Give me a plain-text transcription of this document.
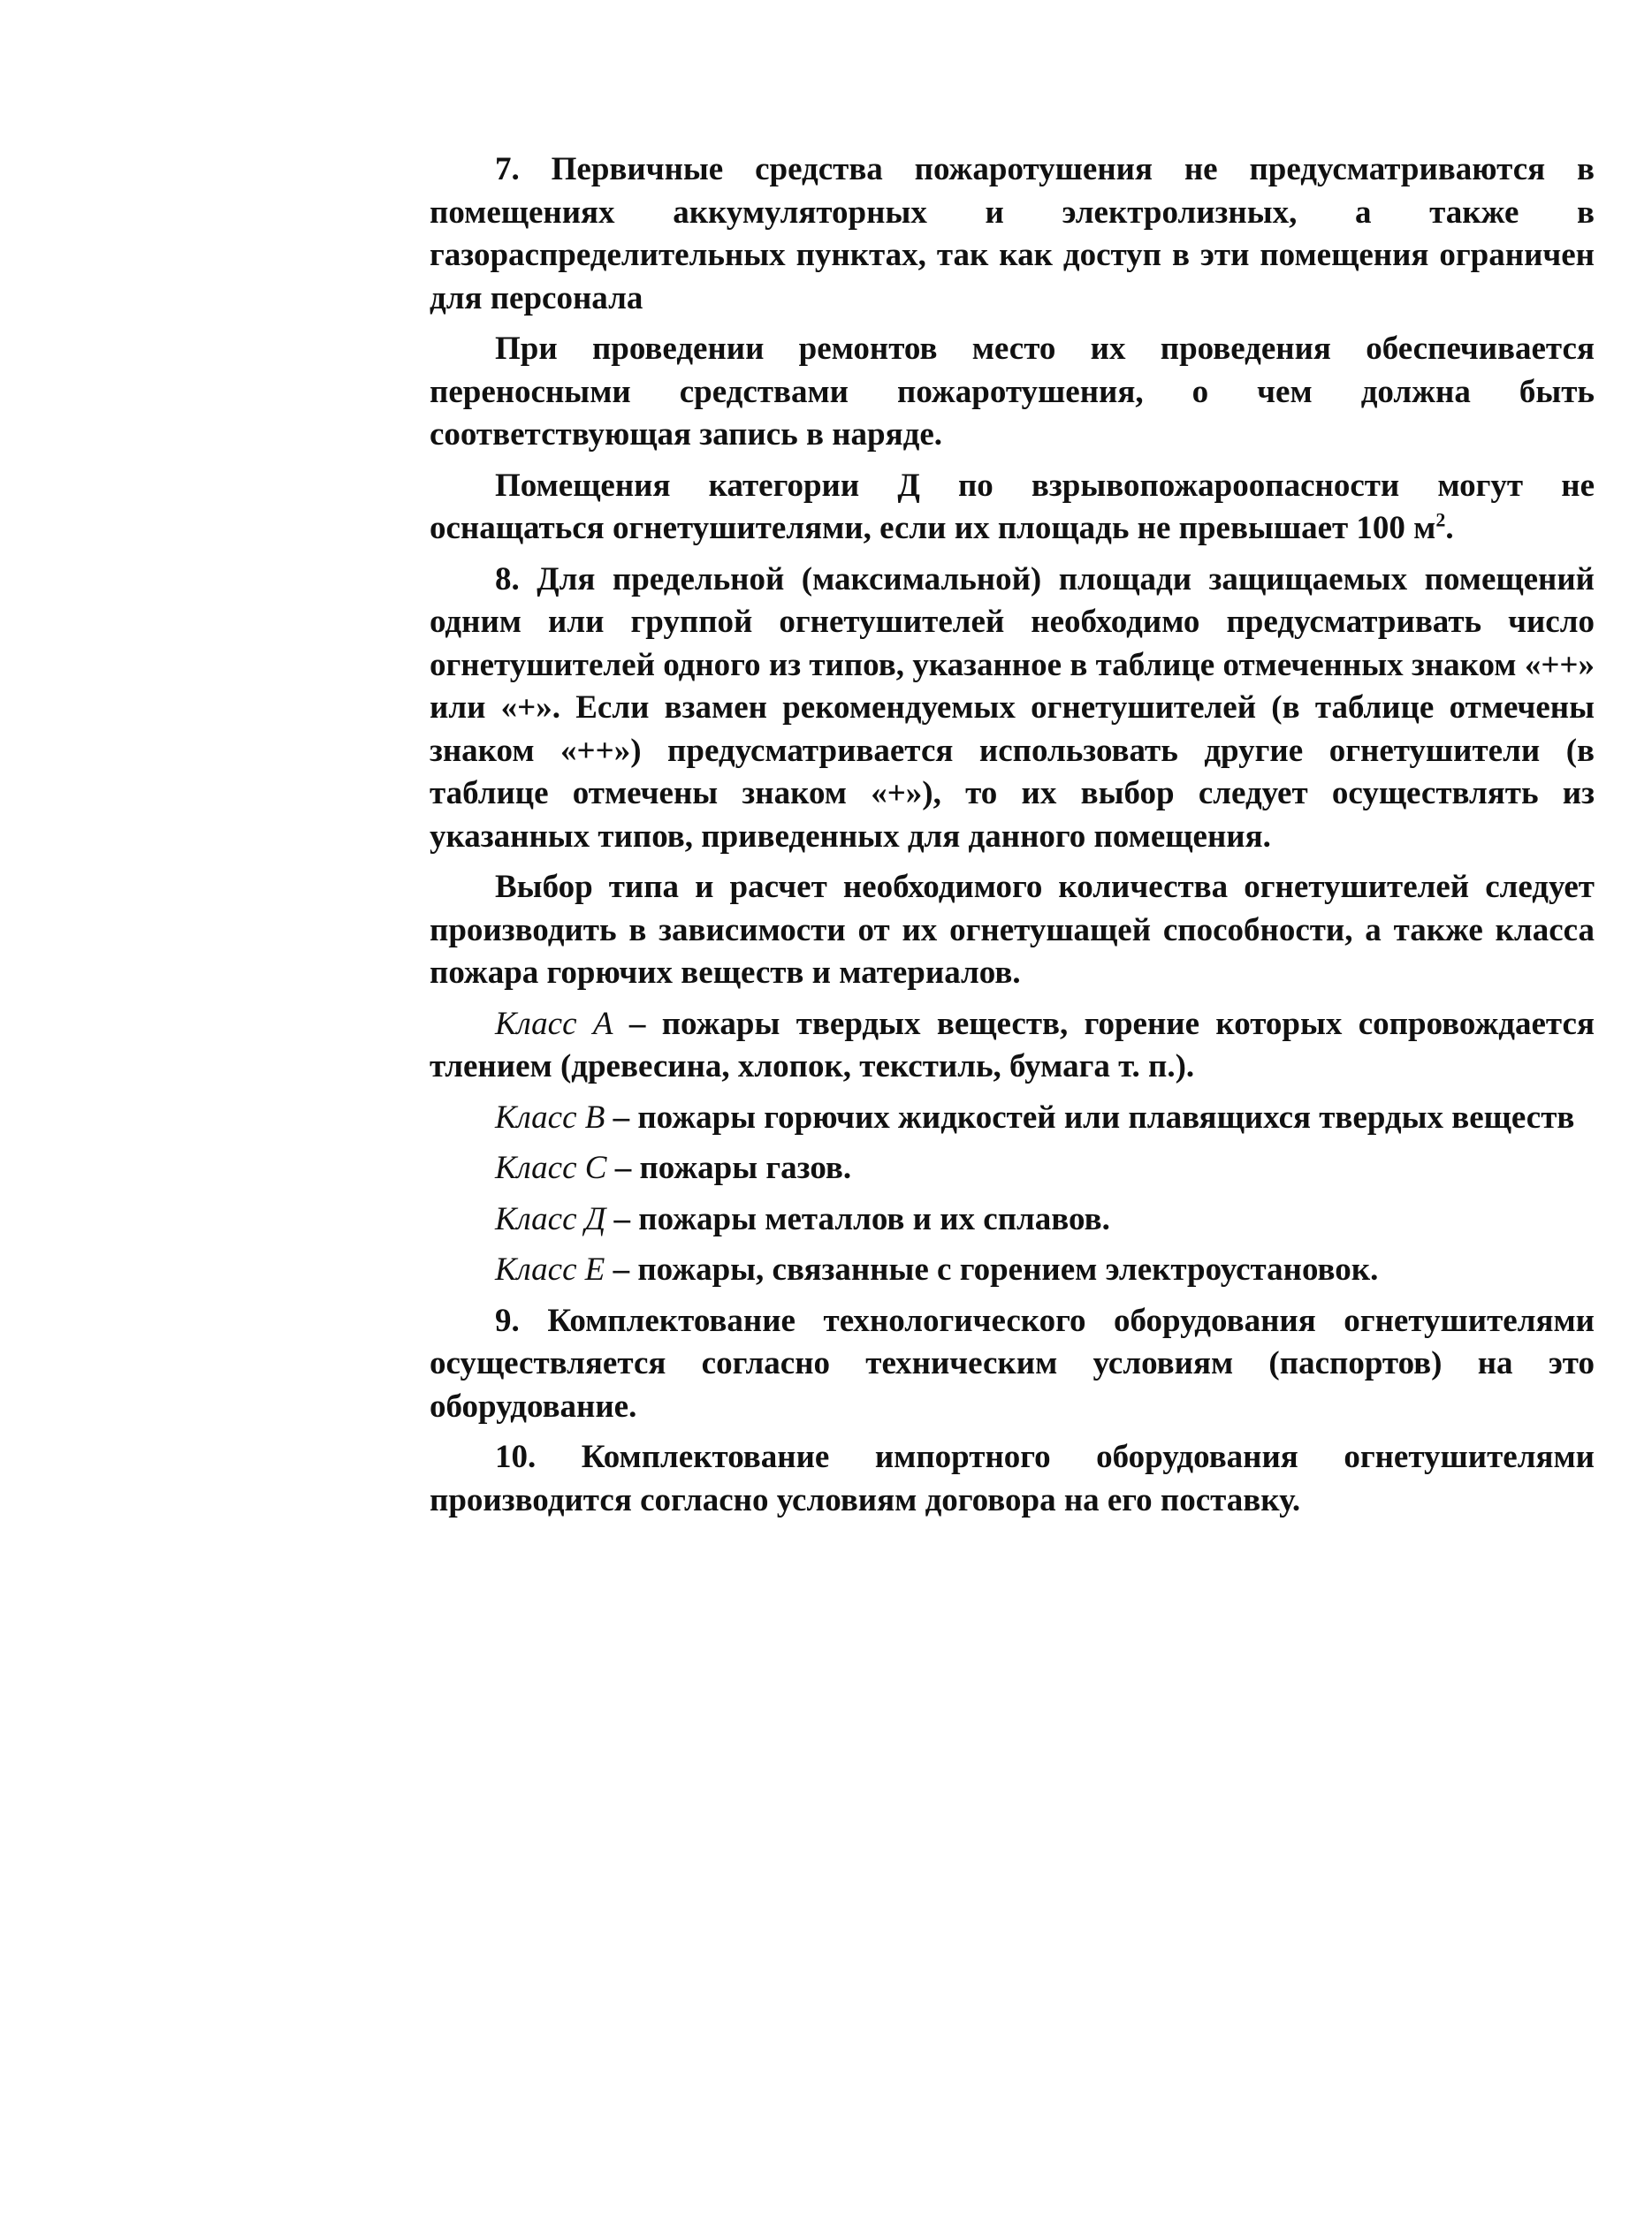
7. Первичные средства пожаротушения не предусматриваются в помещениях аккумуляторных и электролизных, а также в газораспределительных пунктах, так как доступ в эти помещения ограничен для персонала

При проведении ремонтов место их проведения обеспечивается переносными средствами пожаротушения, о чем должна быть соответствующая запись в наряде.

Помещения категории Д по взрывопожароопасности могут не оснащаться огнетушителями, если их площадь не превышает 100 $м^2$.

8. Для предельной (максимальной) площади защищаемых помещений одним или группой огнетушителей необходимо предусматривать число огнетушителей одного из типов, указанное в таблице отмеченных знаком «++» или «+». Если взамен рекомендуемых огнетушителей (в таблице отмечены знаком «++») предусматривается использовать другие огнетушители (в таблице отмечены знаком «+»), то их выбор следует осуществлять из указанных типов, приведенных для данного помещения.

Выбор типа и расчет необходимого количества огнетушителей следует производить в зависимости от их огнетушащей способности, а также класса пожара горючих веществ и материалов.

Класс А – пожары твердых веществ, горение которых сопровождается тлением (древесина, хлопок, текстиль, бумага т. п.).

Класс В – пожары горючих жидкостей или плавящихся твердых веществ

Класс С – пожары газов.

Класс Д – пожары металлов и их сплавов.

Класс Е – пожары, связанные с горением электроустановок.

9. Комплектование технологического оборудования огнетушителями осуществляется согласно техническим условиям (паспортов) на это оборудование.

10. Комплектование импортного оборудования огнетушителями производится согласно условиям договора на его поставку.
